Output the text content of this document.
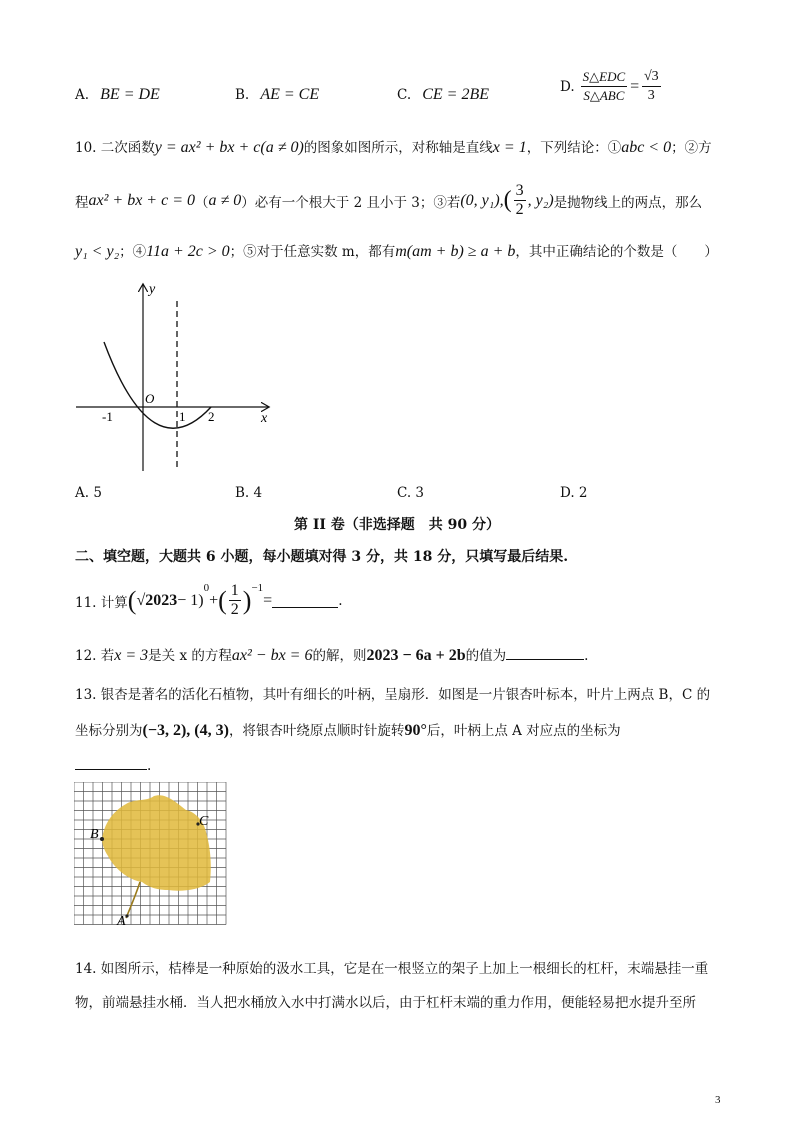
A. BE = DE	B. AE = CE	C. CE = 2BE	D. $\frac{\text{S△EDC}}{\text{S△ABC}} = \frac{√3}{3}$
10. 二次函数y = ax² + bx + c(a ≠ 0)的图象如图所示，对称轴是直线x = 1，下列结论：①abc < 0；②方
程 ax² + bx + c = 0 （ a ≠ 0 ）必有一个根大于 2 且小于 3；③若 (0, y₁) , ( $\frac{3}{2}$ , y₂) 是抛物线上的两点，那么
y₁ < y₂；④11a + 2c > 0；⑤对于任意实数 m，都有m(am + b) ≥ a + b，其中正确结论的个数是（　　）
y
x
O
-1	1 2
A. 5	B. 4	C. 3	D. 2
第 II 卷（非选择题　共 90 分）
二、填空题，大题共 6 小题，每小题填对得 3 分，共 18 分，只填写最后结果.
11. 计算 ( √2023 − 1)
$^0$
+ ( $\frac{1}{2} )^{-1}$
=	.
12. 若x = 3是关 x 的方程ax² − bx = 6的解，则2023 − 6a + 2b的值为	.
13. 银杏是著名的活化石植物，其叶有细长的叶柄，呈扇形．如图是一片银杏叶标本，叶片上两点 B，C 的
坐标分别为(−3, 2), (4, 3)，将银杏叶绕原点顺时针旋转90°后，叶柄上点 A 对应点的坐标为
.
B
C
A
14. 如图所示，桔棒是一种原始的汲水工具，它是在一根竖立的架子上加上一根细长的杠杆，末端悬挂一重
物，前端悬挂水桶．当人把水桶放入水中打满水以后，由于杠杆末端的重力作用，便能轻易把水提升至所
3
